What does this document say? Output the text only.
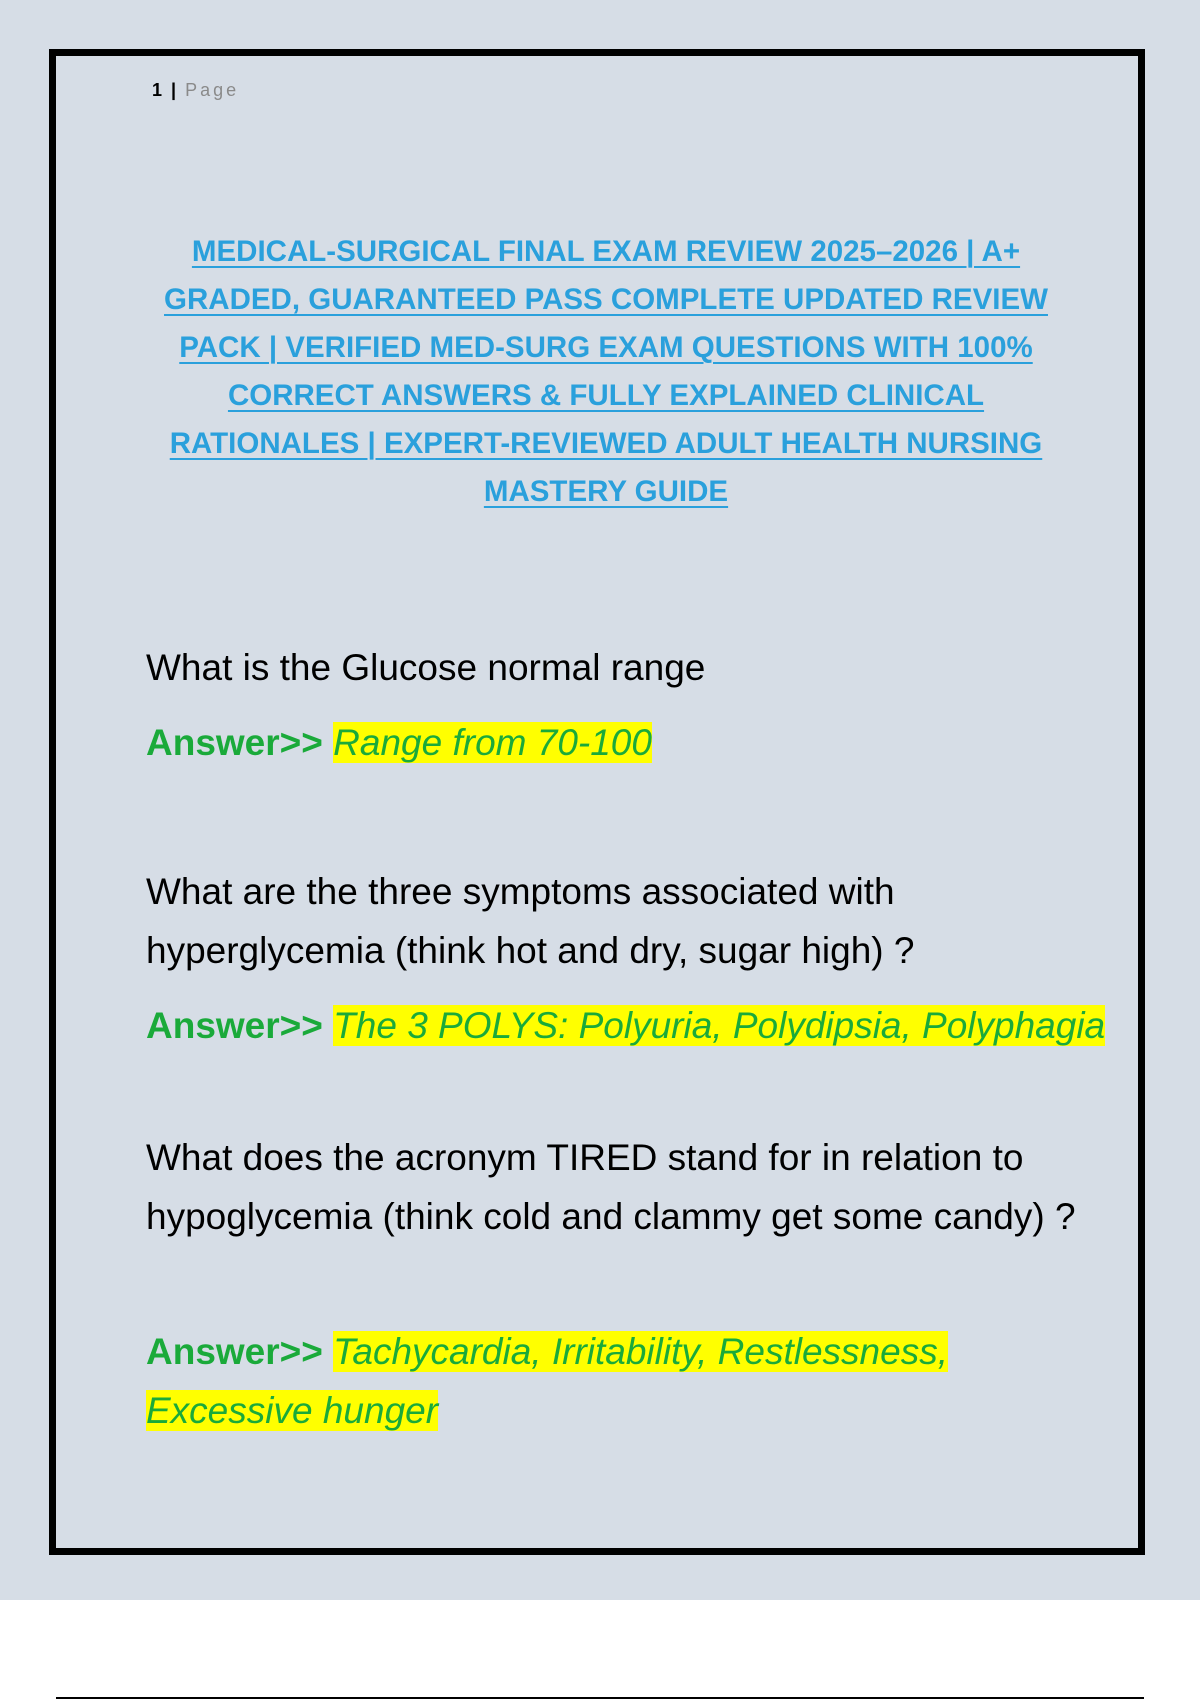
1 | Page
MEDICAL-SURGICAL FINAL EXAM REVIEW 2025–2026 | A+ GRADED, GUARANTEED PASS COMPLETE UPDATED REVIEW PACK | VERIFIED MED-SURG EXAM QUESTIONS WITH 100% CORRECT ANSWERS & FULLY EXPLAINED CLINICAL RATIONALES | EXPERT-REVIEWED ADULT HEALTH NURSING MASTERY GUIDE
What is the Glucose normal range
Answer>> Range from 70-100
What are the three symptoms associated with hyperglycemia (think hot and dry, sugar high) ?
Answer>> The 3 POLYS: Polyuria, Polydipsia, Polyphagia
What does the acronym TIRED stand for in relation to hypoglycemia (think cold and clammy get some candy) ?
Answer>> Tachycardia, Irritability, Restlessness, Excessive hunger
